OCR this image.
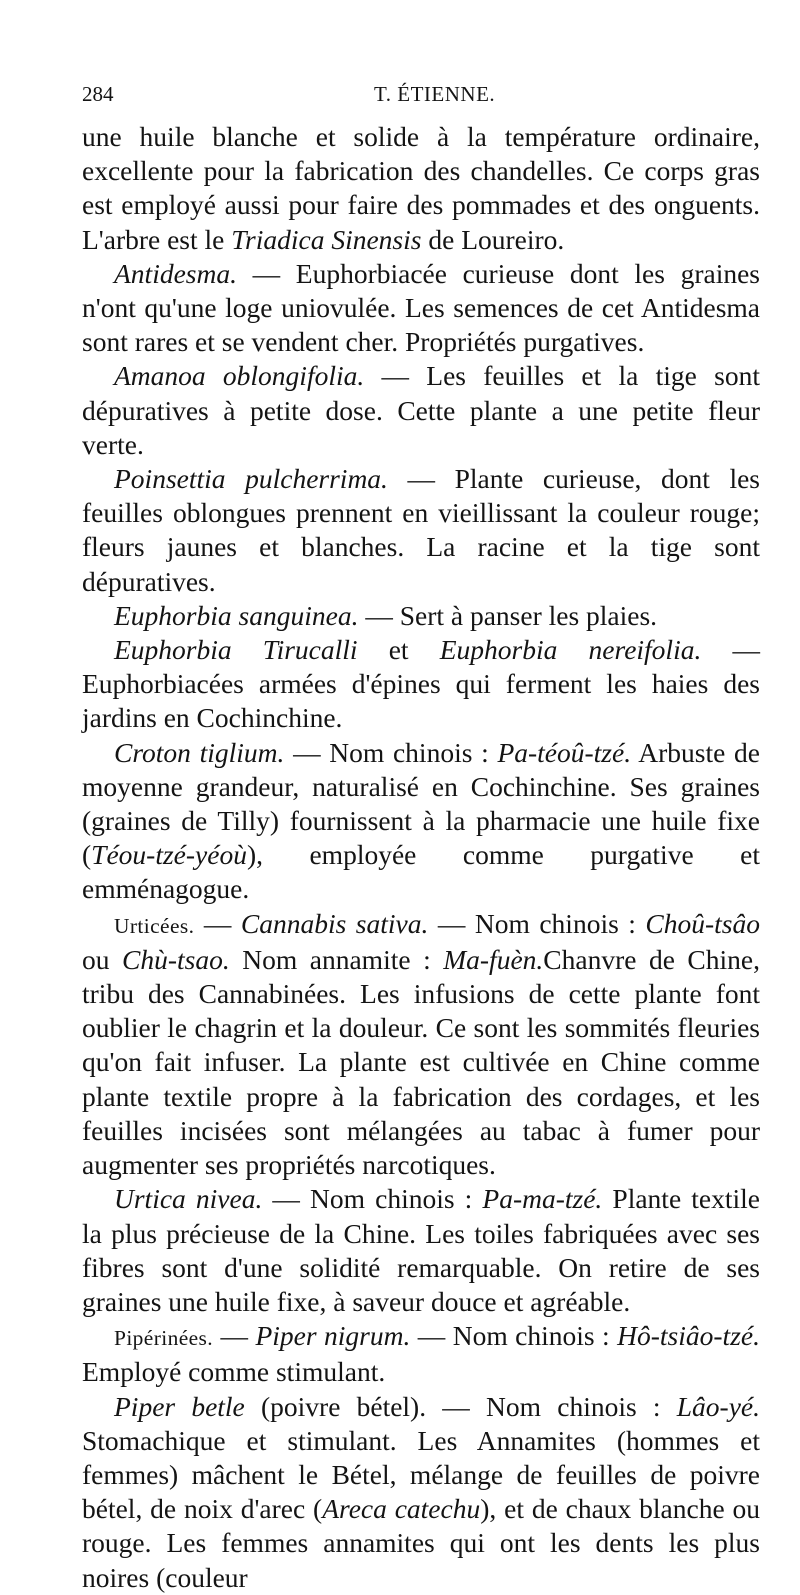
284	T. ÉTIENNE.

une huile blanche et solide à la température ordinaire, excellente pour la fabrication des chandelles. Ce corps gras est employé aussi pour faire des pommades et des onguents. L'arbre est le Triadica Sinensis de Loureiro.

Antidesma. — Euphorbiacée curieuse dont les graines n'ont qu'une loge uniovulée. Les semences de cet Antidesma sont rares et se vendent cher. Propriétés purgatives.

Amanoa oblongifolia. — Les feuilles et la tige sont dépuratives à petite dose. Cette plante a une petite fleur verte.

Poinsettia pulcherrima. — Plante curieuse, dont les feuilles oblongues prennent en vieillissant la couleur rouge; fleurs jaunes et blanches. La racine et la tige sont dépuratives.

Euphorbia sanguinea. — Sert à panser les plaies.

Euphorbia Tirucalli et Euphorbia nereifolia. — Euphorbiacées armées d'épines qui ferment les haies des jardins en Cochinchine.

Croton tiglium. — Nom chinois : Pa-téoû-tzé. Arbuste de moyenne grandeur, naturalisé en Cochinchine. Ses graines (graines de Tilly) fournissent à la pharmacie une huile fixe (Téou-tzé-yéoù), employée comme purgative et emménagogue.

Urticées. — Cannabis sativa. — Nom chinois : Choû-tsâo ou Chù-tsao. Nom annamite : Ma-fuèn.Chanvre de Chine, tribu des Cannabinées. Les infusions de cette plante font oublier le chagrin et la douleur. Ce sont les sommités fleuries qu'on fait infuser. La plante est cultivée en Chine comme plante textile propre à la fabrication des cordages, et les feuilles incisées sont mélangées au tabac à fumer pour augmenter ses propriétés narcotiques.

Urtica nivea. — Nom chinois : Pa-ma-tzé. Plante textile la plus précieuse de la Chine. Les toiles fabriquées avec ses fibres sont d'une solidité remarquable. On retire de ses graines une huile fixe, à saveur douce et agréable.

Pipérinées. — Piper nigrum. — Nom chinois : Hô-tsiâo-tzé. Employé comme stimulant.

Piper betle (poivre bétel). — Nom chinois : Lâo-yé. Stomachique et stimulant. Les Annamites (hommes et femmes) mâchent le Bétel, mélange de feuilles de poivre bétel, de noix d'arec (Areca catechu), et de chaux blanche ou rouge. Les femmes annamites qui ont les dents les plus noires (couleur
